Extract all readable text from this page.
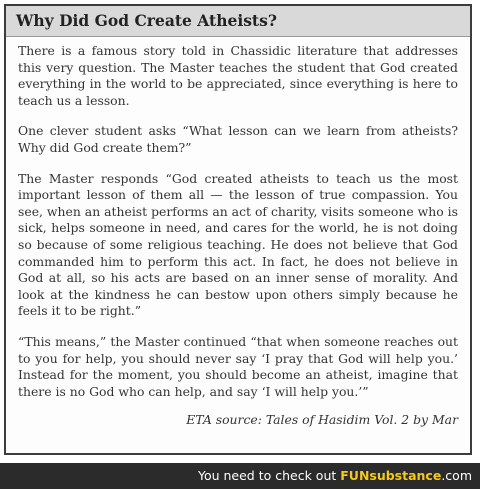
Why Did God Create Atheists?

There is a famous story told in Chassidic literature that addresses this very question. The Master teaches the student that God created everything in the world to be appreciated, since everything is here to teach us a lesson.

One clever student asks “What lesson can we learn from atheists? Why did God create them?”

The Master responds “God created atheists to teach us the most important lesson of them all — the lesson of true compassion. You see, when an atheist performs an act of charity, visits someone who is sick, helps someone in need, and cares for the world, he is not doing so because of some religious teaching. He does not believe that God commanded him to perform this act. In fact, he does not believe in God at all, so his acts are based on an inner sense of morality. And look at the kindness he can bestow upon others simply because he feels it to be right.”

“This means,” the Master continued “that when someone reaches out to you for help, you should never say ‘I pray that God will help you.’ Instead for the moment, you should become an atheist, imagine that there is no God who can help, and say ‘I will help you.’”

ETA source: Tales of Hasidim Vol. 2 by Mar
You need to check out FUNsubstance.com
